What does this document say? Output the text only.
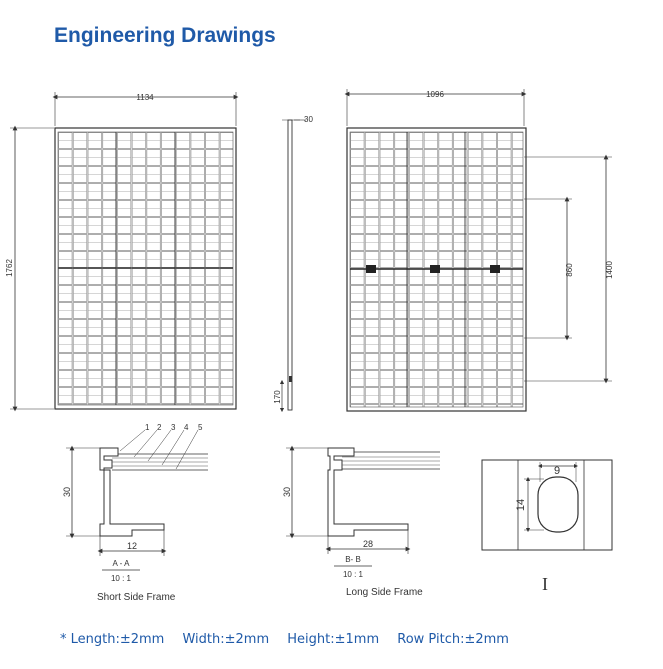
Engineering Drawings
1134
1762
30
170
1096
1400
860
1 2 3 4 5
30
12
A - A
10 : 1
30
28
B- B
10 : 1
9
14
I
Short Side Frame	Long Side Frame
* Length:±2mm Width:±2mm Height:±1mm Row Pitch:±2mm
